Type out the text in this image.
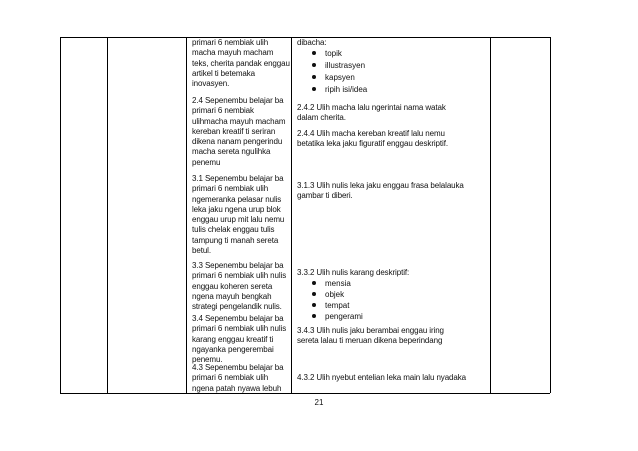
primari 6 nembiak ulih
macha mayuh macham
teks, cherita pandak enggau
artikel ti betemaka
inovasyen.
2.4 Sepenembu belajar ba
primari 6 nembiak
ulihmacha mayuh macham
kereban kreatif ti seriran
dikena nanam pengerindu
macha sereta ngulihka
penemu
3.1 Sepenembu belajar ba
primari 6 nembiak ulih
ngemeranka pelasar nulis
leka jaku ngena urup blok
enggau urup mit lalu nemu
tulis chelak enggau tulis
tampung ti manah sereta
betul.
3.3 Sepenembu belajar ba
primari 6 nembiak ulih nulis
enggau koheren sereta
ngena mayuh bengkah
strategi pengelandik nulis.
3.4 Sepenembu belajar ba
primari 6 nembiak ulih nulis
karang enggau kreatif ti
ngayanka pengerembai
penemu.
4.3 Sepenembu belajar ba
primari 6 nembiak ulih
ngena patah nyawa lebuh
dibacha:
topik
illustrasyen
kapsyen
ripih isi/idea
2.4.2 Ulih macha lalu ngerintai nama watak
dalam cherita.
2.4.4 Ulih macha kereban kreatif lalu nemu
betatika leka jaku figuratif enggau deskriptif.
3.1.3 Ulih nulis leka jaku enggau frasa belalauka
gambar ti diberi.
3.3.2 Ulih nulis karang deskriptif:
mensia
objek
tempat
pengerami
3.4.3 Ulih nulis jaku berambai enggau iring
sereta lalau ti meruan dikena beperindang
4.3.2 Ulih nyebut entelian leka main lalu nyadaka
21
